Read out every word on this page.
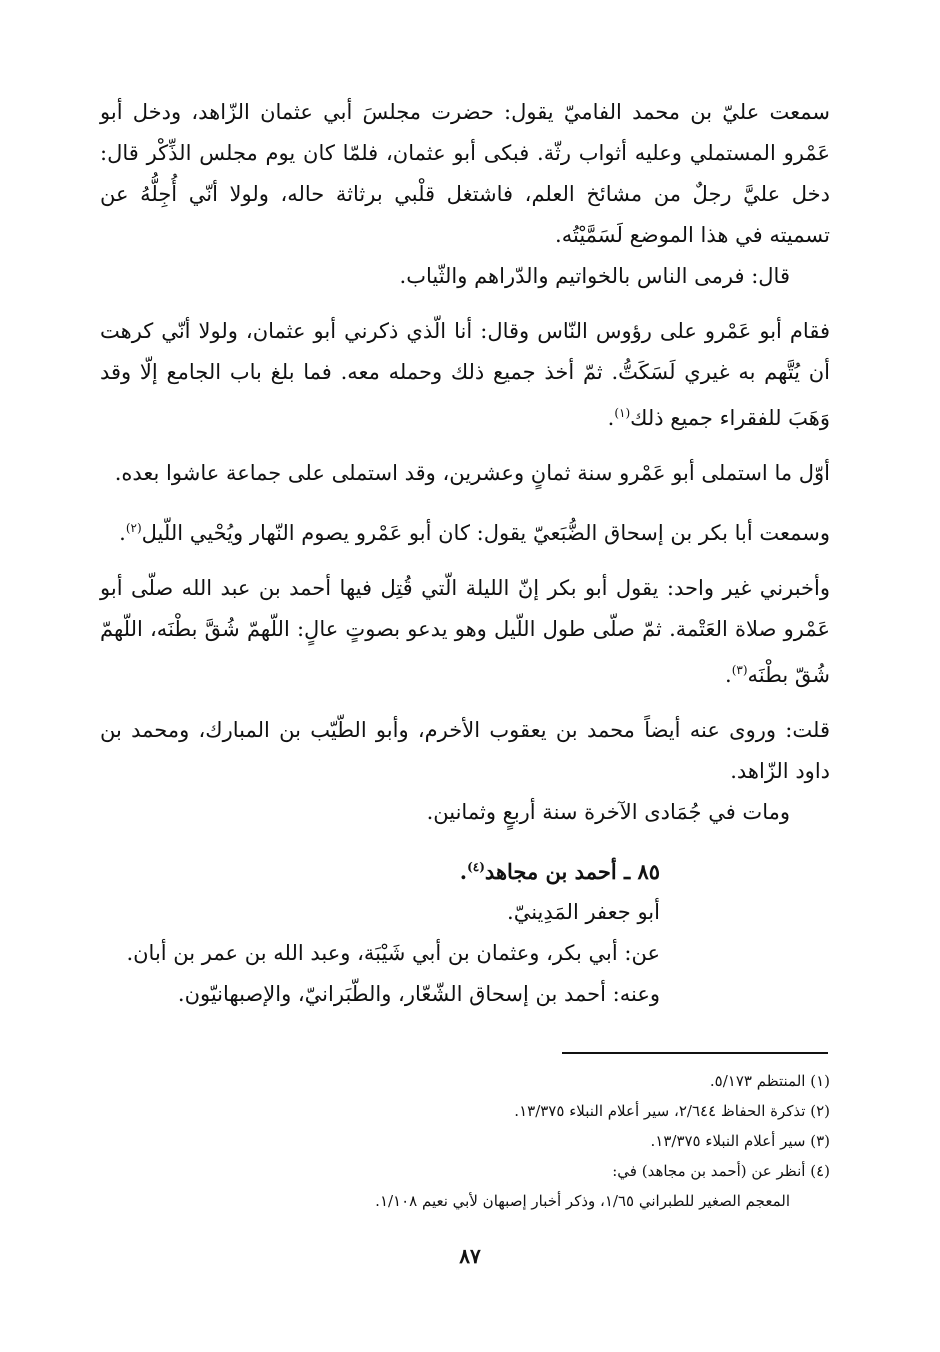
سمعت عليّ بن محمد الفاميّ يقول: حضرت مجلسَ أبي عثمان الزّاهد، ودخل أبو عَمْرو المستملي وعليه أثواب رثّة. فبكى أبو عثمان، فلمّا كان يوم مجلس الذِّكْر قال: دخل عليَّ رجلٌ من مشائخ العلم، فاشتغل قلْبي برثاثة حاله، ولولا أنّي أُجِلُّهُ عن تسميته في هذا الموضع لَسَمَّيْتُه.

قال: فرمى الناس بالخواتيم والدّراهم والثّياب.

فقام أبو عَمْرو على رؤوس النّاس وقال: أنا الّذي ذكرني أبو عثمان، ولولا أنّي كرهت أن يُتَّهم به غيري لَسَكَتُّ. ثمّ أخذ جميع ذلك وحمله معه. فما بلغ باب الجامع إلّا وقد وَهَبَ للفقراء جميع ذلك$^{(١)}$.

أوّل ما استملى أبو عَمْرو سنة ثمانٍ وعشرين، وقد استملى على جماعة عاشوا بعده.

وسمعت أبا بكر بن إسحاق الضُّبَعيّ يقول: كان أبو عَمْرو يصوم النّهار ويُحْيي اللّيل$^{(٢)}$.

وأخبرني غير واحد: يقول أبو بكر إنّ الليلة الّتي قُتِل فيها أحمد بن عبد الله صلّى أبو عَمْرو صلاة العَتْمة. ثمّ صلّى طول اللّيل وهو يدعو بصوتٍ عالٍ: اللّهمّ شُقَّ بطْنَه، اللّهمّ شُقّ بطْنَه$^{(٣)}$.

قلت: وروى عنه أيضاً محمد بن يعقوب الأخرم، وأبو الطّيّب بن المبارك، ومحمد بن داود الزّاهد.

ومات في جُمَادى الآخرة سنة أربعٍ وثمانين.

٨٥ ـ أحمد بن مجاهد$^{(٤)}$.

أبو جعفر المَدِينيّ.

عن: أبي بكر، وعثمان بن أبي شَيْبَة، وعبد الله بن عمر بن أبان.

وعنه: أحمد بن إسحاق الشّعّار، والطّبَرانيّ، والإصبهانيّون.

(١) المنتظم ٥/١٧٣.

(٢) تذكرة الحفاظ ٢/٦٤٤، سير أعلام النبلاء ١٣/٣٧٥.

(٣) سير أعلام النبلاء ١٣/٣٧٥.

(٤) أنظر عن (أحمد بن مجاهد) في:

المعجم الصغير للطبراني ١/٦٥، وذكر أخبار إصبهان لأبي نعيم ١/١٠٨.

٨٧
